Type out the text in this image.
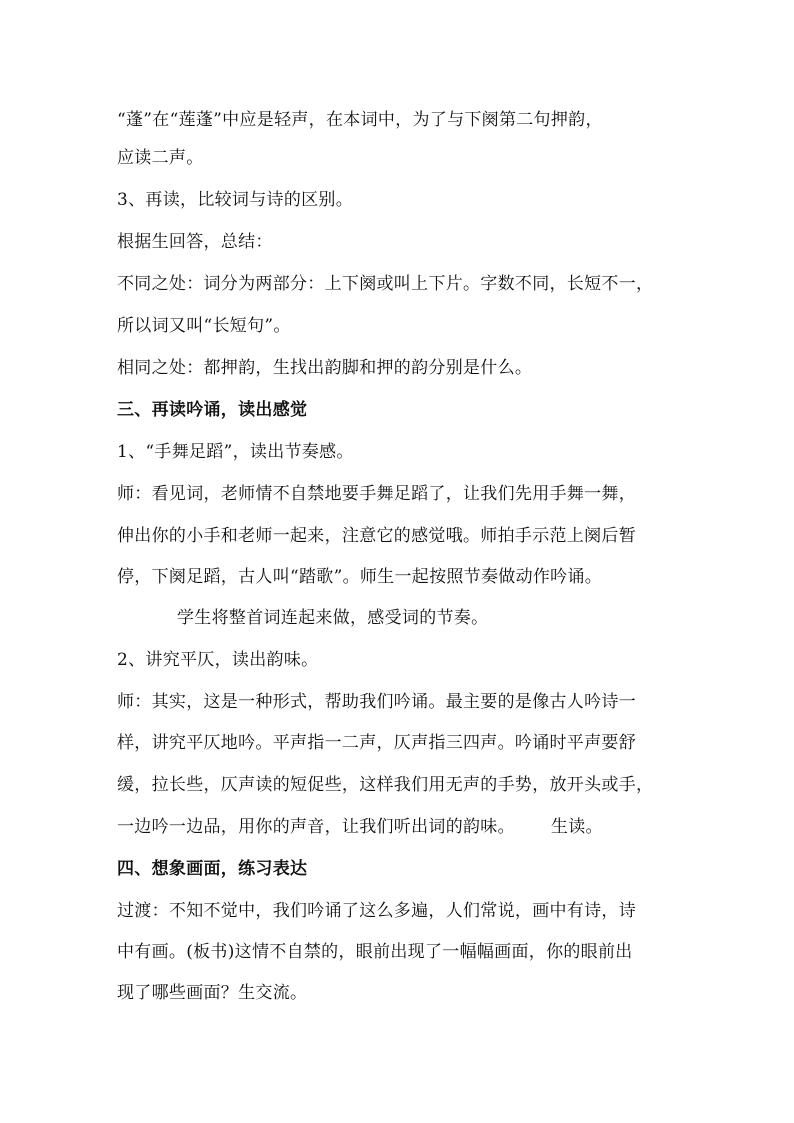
“蓬”在“莲蓬”中应是轻声，在本词中，为了与下阕第二句押韵，
应读二声。
3、再读，比较词与诗的区别。
根据生回答，总结：
不同之处：词分为两部分：上下阕或叫上下片。字数不同，长短不一，
所以词又叫“长短句”。
相同之处：都押韵，生找出韵脚和押的韵分别是什么。
三、再读吟诵，读出感觉
1、“手舞足蹈”，读出节奏感。
师：看见词，老师情不自禁地要手舞足蹈了，让我们先用手舞一舞，
伸出你的小手和老师一起来，注意它的感觉哦。师拍手示范上阕后暂
停，下阕足蹈，古人叫“踏歌”。师生一起按照节奏做动作吟诵。
学生将整首词连起来做，感受词的节奏。
2、讲究平仄，读出韵味。
师：其实，这是一种形式，帮助我们吟诵。最主要的是像古人吟诗一
样，讲究平仄地吟。平声指一二声，仄声指三四声。吟诵时平声要舒
缓，拉长些，仄声读的短促些，这样我们用无声的手势，放开头或手，
一边吟一边品，用你的声音，让我们听出词的韵味。 生读。
四、想象画面，练习表达
过渡：不知不觉中，我们吟诵了这么多遍，人们常说，画中有诗，诗
中有画。(板书)这情不自禁的，眼前出现了一幅幅画面，你的眼前出
现了哪些画面？生交流。
